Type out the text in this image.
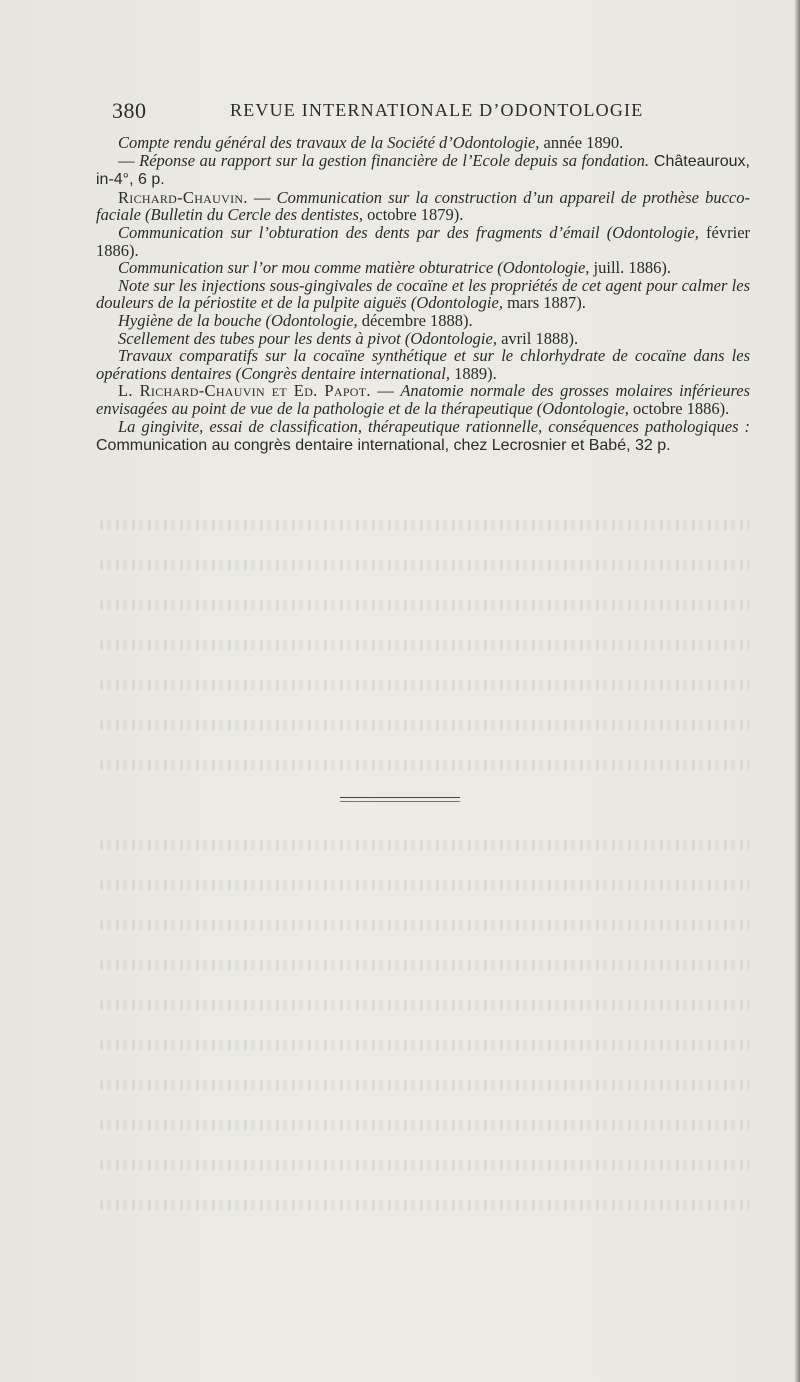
380	REVUE INTERNATIONALE D’ODONTOLOGIE

Compte rendu général des travaux de la Société d’Odontologie, année 1890.

— Réponse au rapport sur la gestion financière de l’Ecole depuis sa fondation. Châteauroux, in-4°, 6 p.

Richard-Chauvin. — Communication sur la construction d’un appareil de prothèse bucco-faciale (Bulletin du Cercle des dentistes, octobre 1879).

Communication sur l’obturation des dents par des fragments d’émail (Odontologie, février 1886).

Communication sur l’or mou comme matière obturatrice (Odontologie, juill. 1886).

Note sur les injections sous-gingivales de cocaïne et les propriétés de cet agent pour calmer les douleurs de la périostite et de la pulpite aiguës (Odontologie, mars 1887).

Hygiène de la bouche (Odontologie, décembre 1888).

Scellement des tubes pour les dents à pivot (Odontologie, avril 1888).

Travaux comparatifs sur la cocaïne synthétique et sur le chlorhydrate de cocaïne dans les opérations dentaires (Congrès dentaire international, 1889).

L. Richard-Chauvin et Ed. Papot. — Anatomie normale des grosses molaires inférieures envisagées au point de vue de la pathologie et de la thérapeutique (Odontologie, octobre 1886).

La gingivite, essai de classification, thérapeutique rationnelle, conséquences pathologiques : Communication au congrès dentaire international, chez Lecrosnier et Babé, 32 p.
